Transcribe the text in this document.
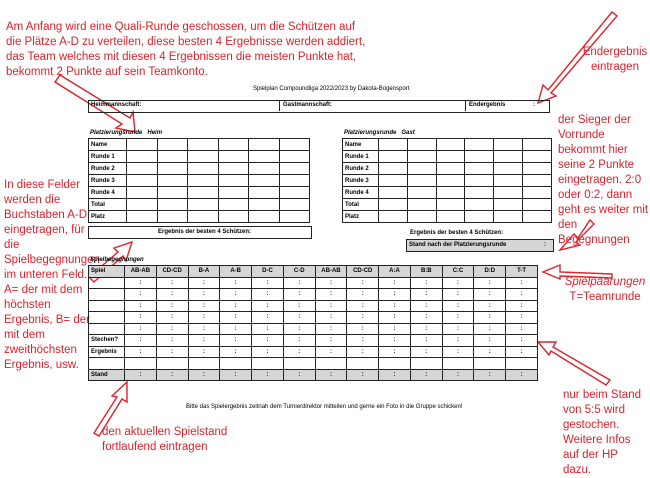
Am Anfang wird eine Quali-Runde geschossen, um die Schützen auf die Plätze A-D zu verteilen, diese besten 4 Ergebnisse werden addiert, das Team welches mit diesen 4 Ergebnissen die meisten Punkte hat, bekommt 2 Punkte auf sein Teamkonto.
Endergebnis eintragen
der Sieger der Vorrunde bekommt hier seine 2 Punkte eingetragen. 2:0 oder 0:2, dann geht es weiter mit den Begegnungen
In diese Felder werden die Buchstaben A-D eingetragen, für die Spielbegegnungen im unteren Feld. A= der mit dem höchsten Ergebnis, B= der mit dem zweithöchsten Ergebnis, usw.
Spielpaarungen
T=Teamrunde
nur beim Stand von 5:5 wird gestochen. Weitere Infos auf der HP dazu.
den aktuellen Spielstand fortlaufend eintragen
Spielplan Compoundliga 2022/2023 by Dakota-Bogensport
Heimmannschaft:	Gastmannschaft:	Endergebnis	:
Platzierungsrunde Heim
Name						
Runde 1						
Runde 2						
Runde 3						
Runde 4						
Total						
Platz						
Ergebnis der besten 4 Schützen:
Platzierungsrunde Gast
Name						
Runde 1						
Runde 2						
Runde 3						
Runde 4						
Total						
Platz						
Ergebnis der besten 4 Schützen:
Stand nach der Platzierungsrunde	:
Spielbegegnungen
Spiel	AB-AB	CD-CD	B-A	A-B	D-C	C-D	AB-AB	CD-CD	A:A	B:B	C:C	D:D	T-T
	:	:	:	:	:	:	:	:	:	:	:	:	:
	:	:	:	:	:	:	:	:	:	:	:	:	:
	:	:	:	:	:	:	:	:	:	:	:	:	:
	:	:	:	:	:	:	:	:	:	:	:	:	:
	:	:	:	:	:	:	:	:	:	:	:	:	:
Stechen?	:	:	:	:	:	:	:	:	:	:	:	:	:
Ergebnis	:	:	:	:	:	:	:	:	:	:	:	:	:

Stand	:	:	:	:	:	:	:	:	:	:	:	:	:
Bitte das Spielergebnis zeitnah dem Turnierdirektor mitteilen und gerne ein Foto in die Gruppe schicken!
